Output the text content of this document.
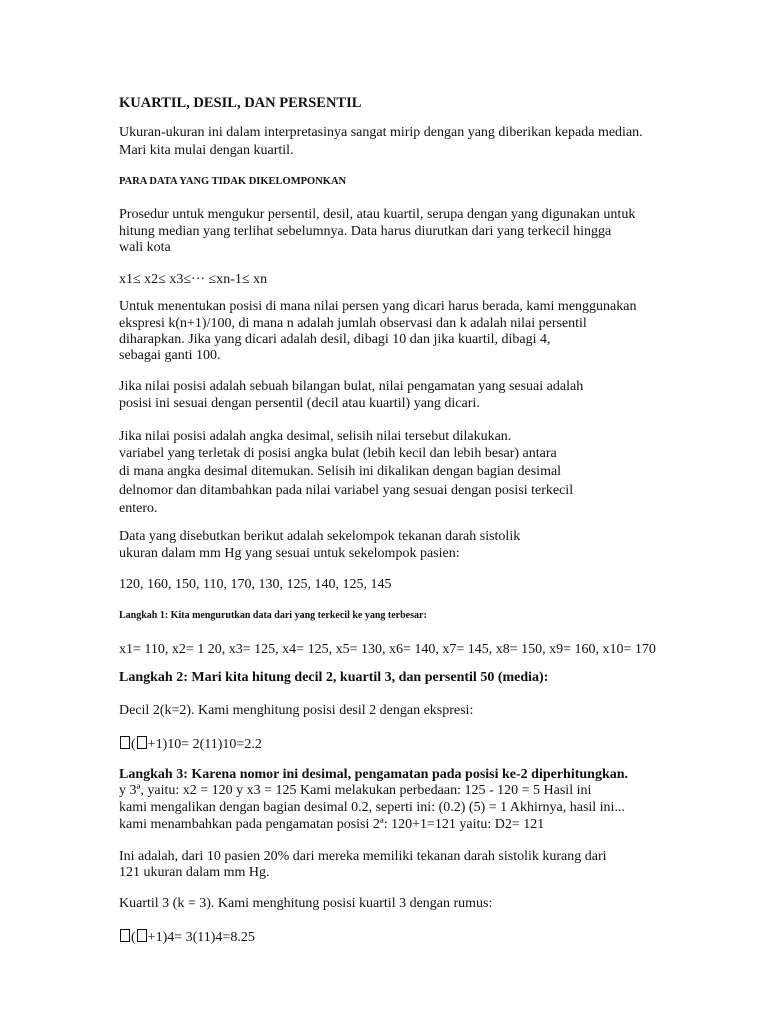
KUARTIL, DESIL, DAN PERSENTIL

Ukuran-ukuran ini dalam interpretasinya sangat mirip dengan yang diberikan kepada median.

Mari kita mulai dengan kuartil.

PARA DATA YANG TIDAK DIKELOMPONKAN

Prosedur untuk mengukur persentil, desil, atau kuartil, serupa dengan yang digunakan untuk

hitung median yang terlihat sebelumnya. Data harus diurutkan dari yang terkecil hingga

wali kota

x1≤ x2≤ x3≤··· ≤xn-1≤ xn

Untuk menentukan posisi di mana nilai persen yang dicari harus berada, kami menggunakan

ekspresi k(n+1)/100, di mana n adalah jumlah observasi dan k adalah nilai persentil

diharapkan. Jika yang dicari adalah desil, dibagi 10 dan jika kuartil, dibagi 4,

sebagai ganti 100.

Jika nilai posisi adalah sebuah bilangan bulat, nilai pengamatan yang sesuai adalah

posisi ini sesuai dengan persentil (decil atau kuartil) yang dicari.

Jika nilai posisi adalah angka desimal, selisih nilai tersebut dilakukan.

variabel yang terletak di posisi angka bulat (lebih kecil dan lebih besar) antara

di mana angka desimal ditemukan. Selisih ini dikalikan dengan bagian desimal

delnomor dan ditambahkan pada nilai variabel yang sesuai dengan posisi terkecil

entero.

Data yang disebutkan berikut adalah sekelompok tekanan darah sistolik

ukuran dalam mm Hg yang sesuai untuk sekelompok pasien:

120, 160, 150, 110, 170, 130, 125, 140, 125, 145

Langkah 1: Kita mengurutkan data dari yang terkecil ke yang terbesar:

x1= 110, x2= 1 20, x3= 125, x4= 125, x5= 130, x6= 140, x7= 145, x8= 150, x9= 160, x10= 170

Langkah 2: Mari kita hitung decil 2, kuartil 3, dan persentil 50 (media):

Decil 2(k=2). Kami menghitung posisi desil 2 dengan ekspresi:

( +1)10= 2(11)10=2.2

Langkah 3: Karena nomor ini desimal, pengamatan pada posisi ke-2 diperhitungkan.

y 3ª, yaitu: x2 = 120 y x3 = 125 Kami melakukan perbedaan: 125 - 120 = 5 Hasil ini

kami mengalikan dengan bagian desimal 0.2, seperti ini: (0.2) (5) = 1 Akhirnya, hasil ini...

kami menambahkan pada pengamatan posisi 2ª: 120+1=121 yaitu: D2= 121

Ini adalah, dari 10 pasien 20% dari mereka memiliki tekanan darah sistolik kurang dari

121 ukuran dalam mm Hg.

Kuartil 3 (k = 3). Kami menghitung posisi kuartil 3 dengan rumus:

( +1)4= 3(11)4=8.25
